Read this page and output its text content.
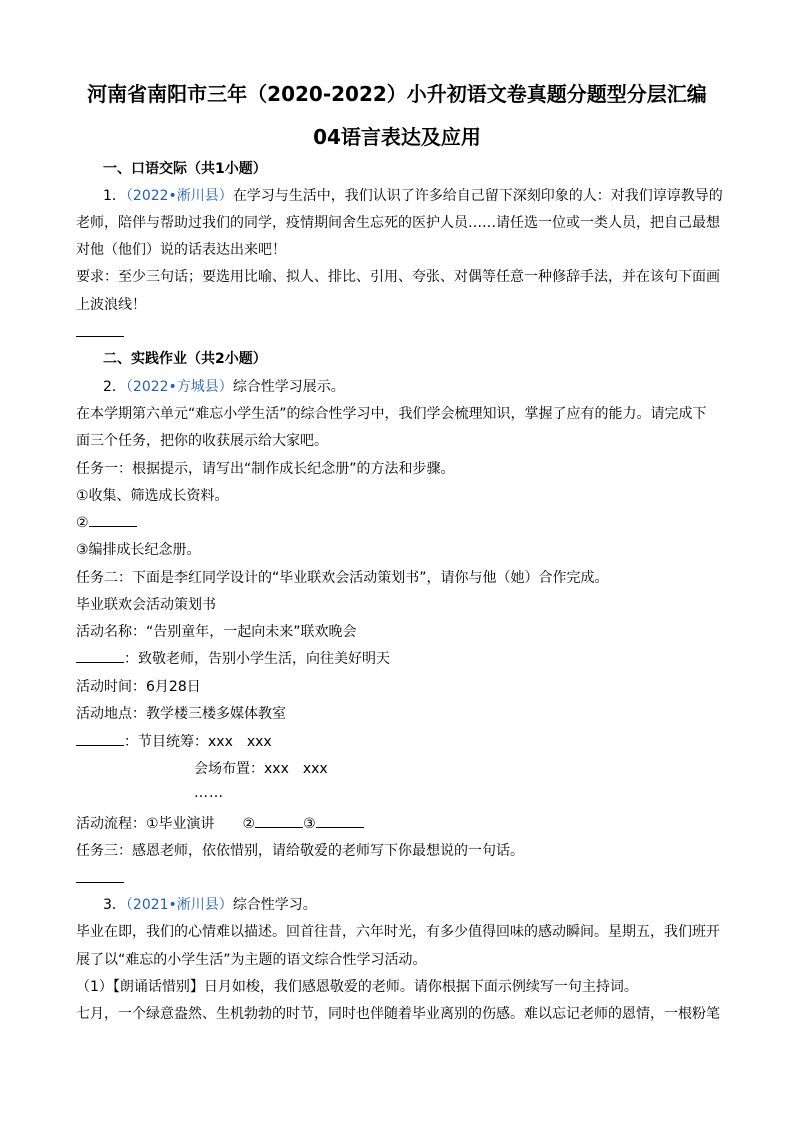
河南省南阳市三年（2020-2022）小升初语文卷真题分题型分层汇编
04语言表达及应用
一、口语交际（共1小题）
1．（2022•淅川县）在学习与生活中，我们认识了许多给自己留下深刻印象的人：对我们谆谆教导的
老师，陪伴与帮助过我们的同学，疫情期间舍生忘死的医护人员……请任选一位或一类人员，把自己最想
对他（他们）说的话表达出来吧！
要求：至少三句话；要选用比喻、拟人、排比、引用、夸张、对偶等任意一种修辞手法，并在该句下面画
上波浪线！
二、实践作业（共2小题）
2．（2022•方城县）综合性学习展示。
在本学期第六单元“难忘小学生活”的综合性学习中，我们学会梳理知识，掌握了应有的能力。请完成下
面三个任务，把你的收获展示给大家吧。
任务一：根据提示，请写出“制作成长纪念册”的方法和步骤。
①收集、筛选成长资料。
②
③编排成长纪念册。
任务二：下面是李红同学设计的“毕业联欢会活动策划书”，请你与他（她）合作完成。
毕业联欢会活动策划书
活动名称：“告别童年，一起向未来”联欢晚会
：致敬老师，告别小学生活，向往美好明天
活动时间：6月28日
活动地点：教学楼三楼多媒体教室
：节目统筹：xxx　xxx
会场布置：xxx　xxx
……
活动流程：①毕业演讲　　②	③
任务三：感恩老师，依依惜别，请给敬爱的老师写下你最想说的一句话。
3．（2021•淅川县）综合性学习。
毕业在即，我们的心情难以描述。回首往昔，六年时光，有多少值得回味的感动瞬间。星期五，我们班开
展了以“难忘的小学生活”为主题的语文综合性学习活动。
（1）【朗诵话惜别】日月如梭，我们感恩敬爱的老师。请你根据下面示例续写一句主持词。
七月，一个绿意盎然、生机勃勃的时节，同时也伴随着毕业离别的伤感。难以忘记老师的恩情，一根粉笔
